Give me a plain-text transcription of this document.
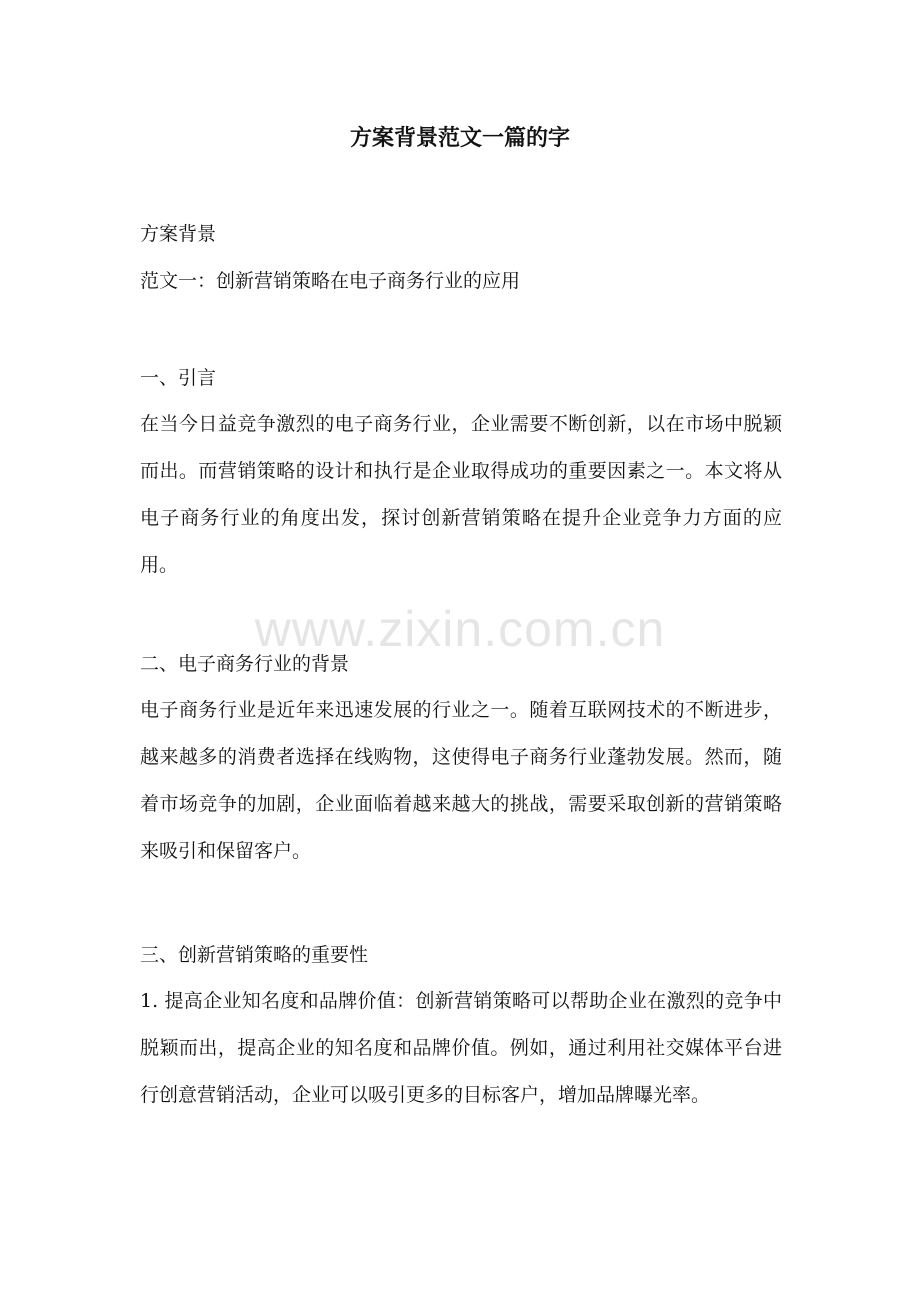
方案背景范文一篇的字

方案背景

范文一：创新营销策略在电子商务行业的应用

一、引言

在当今日益竞争激烈的电子商务行业，企业需要不断创新，以在市场中脱颖而出。而营销策略的设计和执行是企业取得成功的重要因素之一。本文将从电子商务行业的角度出发，探讨创新营销策略在提升企业竞争力方面的应用。

二、电子商务行业的背景

电子商务行业是近年来迅速发展的行业之一。随着互联网技术的不断进步，越来越多的消费者选择在线购物，这使得电子商务行业蓬勃发展。然而，随着市场竞争的加剧，企业面临着越来越大的挑战，需要采取创新的营销策略来吸引和保留客户。

三、创新营销策略的重要性

1. 提高企业知名度和品牌价值：创新营销策略可以帮助企业在激烈的竞争中脱颖而出，提高企业的知名度和品牌价值。例如，通过利用社交媒体平台进行创意营销活动，企业可以吸引更多的目标客户，增加品牌曝光率。

www.zixin.com.cn
